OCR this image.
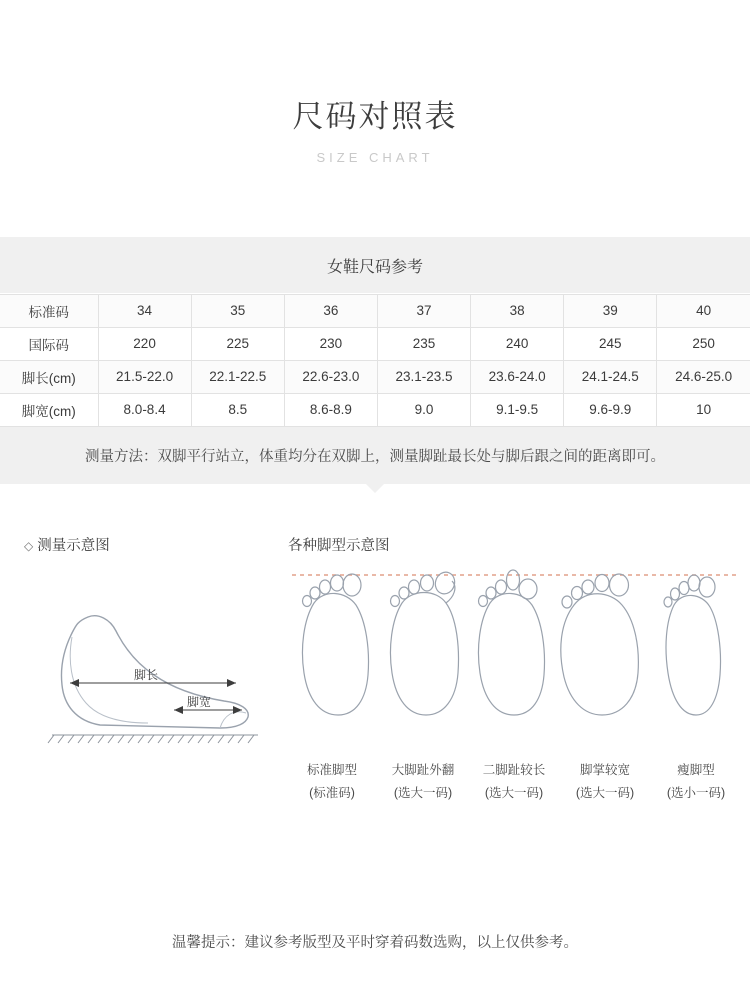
尺码对照表
SIZE CHART
女鞋尺码参考
标准码	34	35	36	37	38	39	40
国际码	220	225	230	235	240	245	250
脚长(cm)	21.5-22.0	22.1-22.5	22.6-23.0	23.1-23.5	23.6-24.0	24.1-24.5	24.6-25.0
脚宽(cm)	8.0-8.4	8.5	8.6-8.9	9.0	9.1-9.5	9.6-9.9	10
测量方法：双脚平行站立，体重均分在双脚上，测量脚趾最长处与脚后跟之间的距离即可。
◇ 测量示意图
脚长
脚宽
各种脚型示意图
标准脚型
(标准码)
大脚趾外翻
(选大一码)
二脚趾较长
(选大一码)
脚掌较宽
(选大一码)
瘦脚型
(选小一码)
温馨提示：建议参考版型及平时穿着码数选购，以上仅供参考。
